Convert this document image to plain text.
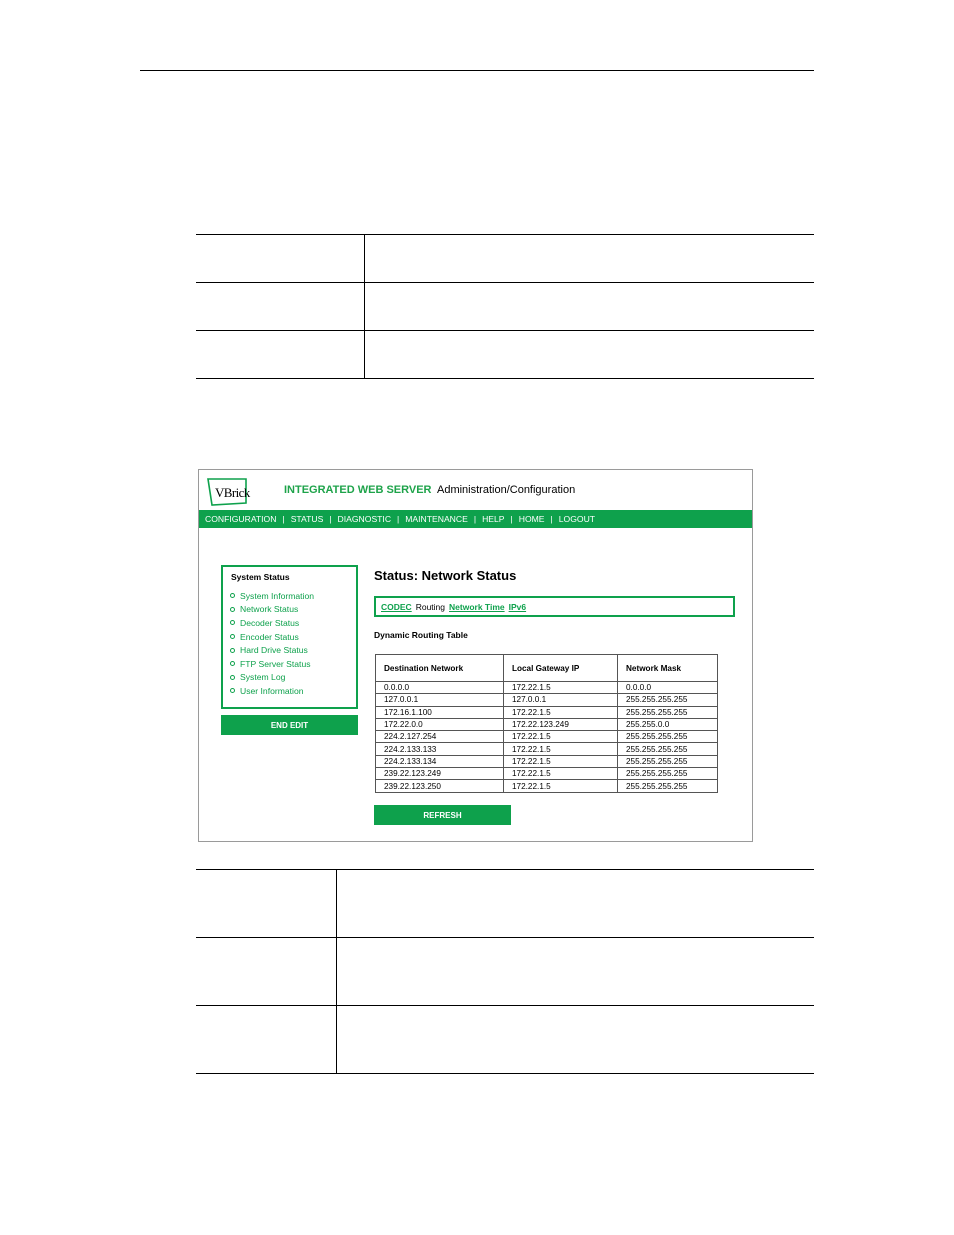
VBrick	INTEGRATED WEB SERVER Administration/Configuration
CONFIGURATION | STATUS | DIAGNOSTIC | MAINTENANCE | HELP | HOME | LOGOUT
System Status
System Information
Network Status
Decoder Status
Encoder Status
Hard Drive Status
FTP Server Status
System Log
User Information
END EDIT
Status: Network Status
CODEC Routing Network Time IPv6
Dynamic Routing Table
Destination Network	Local Gateway IP	Network Mask
0.0.0.0	172.22.1.5	0.0.0.0
127.0.0.1	127.0.0.1	255.255.255.255
172.16.1.100	172.22.1.5	255.255.255.255
172.22.0.0	172.22.123.249	255.255.0.0
224.2.127.254	172.22.1.5	255.255.255.255
224.2.133.133	172.22.1.5	255.255.255.255
224.2.133.134	172.22.1.5	255.255.255.255
239.22.123.249	172.22.1.5	255.255.255.255
239.22.123.250	172.22.1.5	255.255.255.255
REFRESH
